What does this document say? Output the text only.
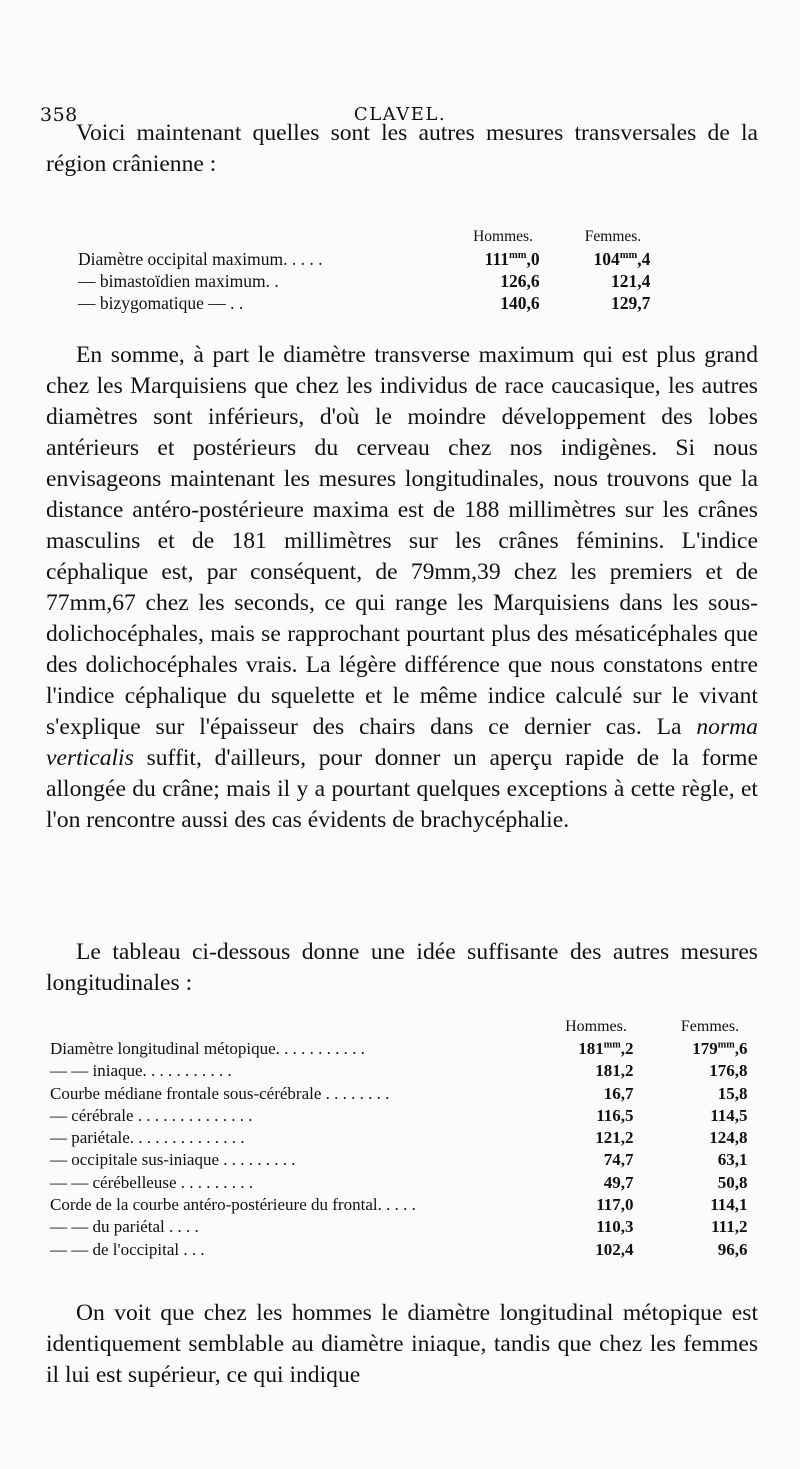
358	CLAVEL.

Voici maintenant quelles sont les autres mesures transversales de la région crânienne :

	Hommes.			Femmes.	
Diamètre occipital maximum. . . . .	$111^{mm}$	,0		$104^{mm}$	,4
— bimastoïdien maximum. .	126	,6		121	,4
— bizygomatique — . .	140	,6		129	,7
En somme, à part le diamètre transverse maximum qui est plus grand chez les Marquisiens que chez les individus de race caucasique, les autres diamètres sont inférieurs, d'où le moindre développement des lobes antérieurs et postérieurs du cerveau chez nos indigènes. Si nous envisageons maintenant les mesures longitudinales, nous trouvons que la distance antéro-postérieure maxima est de 188 millimètres sur les crânes masculins et de 181 millimètres sur les crânes féminins. L'indice céphalique est, par conséquent, de 79mm,39 chez les premiers et de 77mm,67 chez les seconds, ce qui range les Marquisiens dans les sous-dolichocéphales, mais se rapprochant pourtant plus des mésaticéphales que des dolichocéphales vrais. La légère différence que nous constatons entre l'indice céphalique du squelette et le même indice calculé sur le vivant s'explique sur l'épaisseur des chairs dans ce dernier cas. La norma verticalis suffit, d'ailleurs, pour donner un aperçu rapide de la forme allongée du crâne; mais il y a pourtant quelques exceptions à cette règle, et l'on rencontre aussi des cas évidents de brachycéphalie.

Le tableau ci-dessous donne une idée suffisante des autres mesures longitudinales :

	Hommes.			Femmes.	
Diamètre longitudinal métopique. . . . . . . . . . .	$181^{mm}$	,2		$179^{mm}$	,6
— — iniaque. . . . . . . . . . .	181	,2		176	,8
Courbe médiane frontale sous-cérébrale . . . . . . . .	16	,7		15	,8
— cérébrale . . . . . . . . . . . . . .	116	,5		114	,5
— pariétale. . . . . . . . . . . . . .	121	,2		124	,8
— occipitale sus-iniaque . . . . . . . . .	74	,7		63	,1
— — cérébelleuse . . . . . . . . .	49	,7		50	,8
Corde de la courbe antéro-postérieure du frontal. . . . .	117	,0		114	,1
— — du pariétal . . . .	110	,3		111	,2
— — de l'occipital . . .	102	,4		96	,6

On voit que chez les hommes le diamètre longitudinal métopique est identiquement semblable au diamètre iniaque, tandis que chez les femmes il lui est supérieur, ce qui indique
